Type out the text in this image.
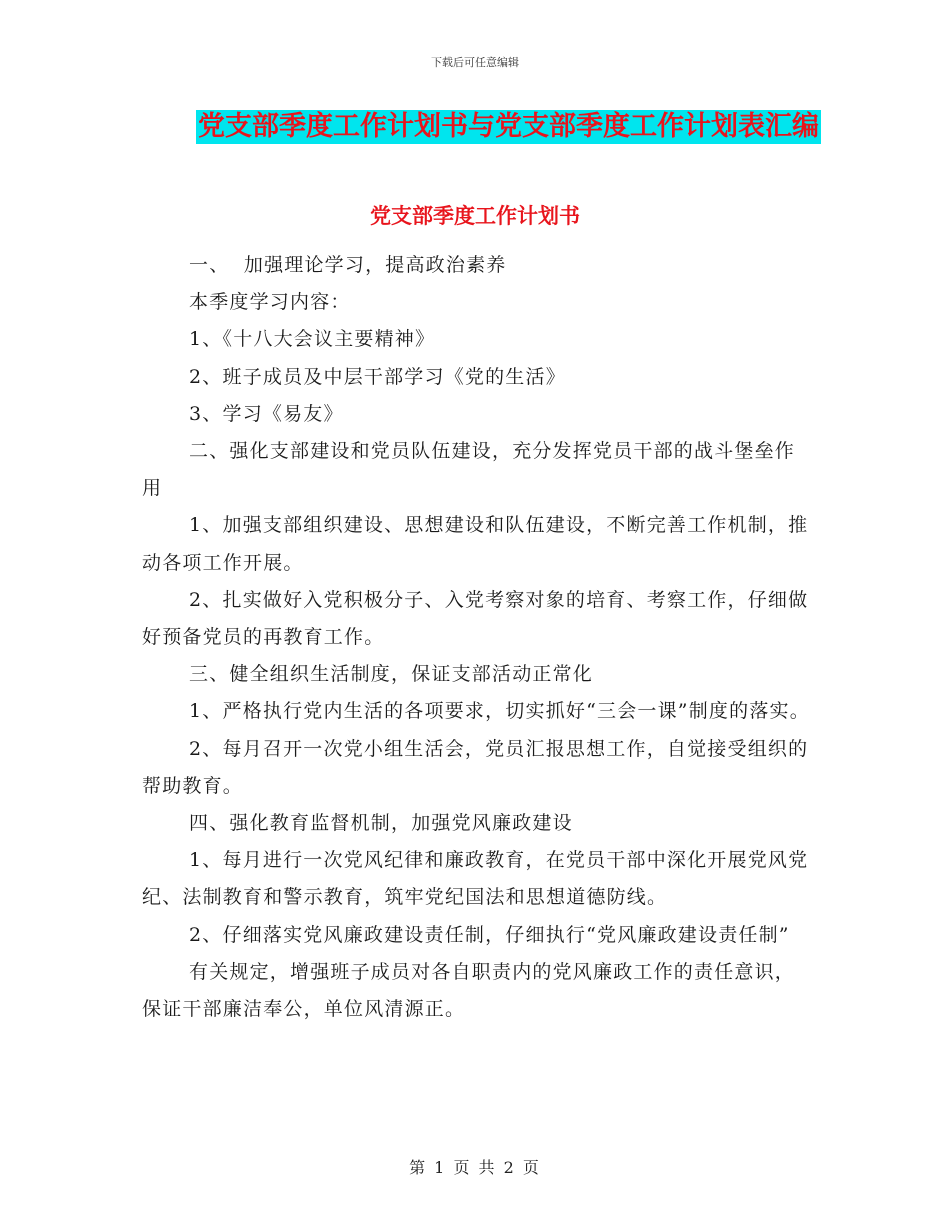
下载后可任意编辑
党支部季度工作计划书与党支部季度工作计划表汇编
党支部季度工作计划书

一、  加强理论学习，提高政治素养

本季度学习内容：

1、《十八大会议主要精神》

2、班子成员及中层干部学习《党的生活》

3、学习《易友》

二、强化支部建设和党员队伍建设，充分发挥党员干部的战斗堡垒作用

1、加强支部组织建设、思想建设和队伍建设，不断完善工作机制，推动各项工作开展。

2、扎实做好入党积极分子、入党考察对象的培育、考察工作，仔细做好预备党员的再教育工作。

三、健全组织生活制度，保证支部活动正常化

1、严格执行党内生活的各项要求，切实抓好“三会一课”制度的落实。

2、每月召开一次党小组生活会，党员汇报思想工作，自觉接受组织的帮助教育。

四、强化教育监督机制，加强党风廉政建设

1、每月进行一次党风纪律和廉政教育，在党员干部中深化开展党风党纪、法制教育和警示教育，筑牢党纪国法和思想道德防线。

2、仔细落实党风廉政建设责任制，仔细执行“党风廉政建设责任制”

有关规定，增强班子成员对各自职责内的党风廉政工作的责任意识，保证干部廉洁奉公，单位风清源正。

第 1 页 共 2 页
